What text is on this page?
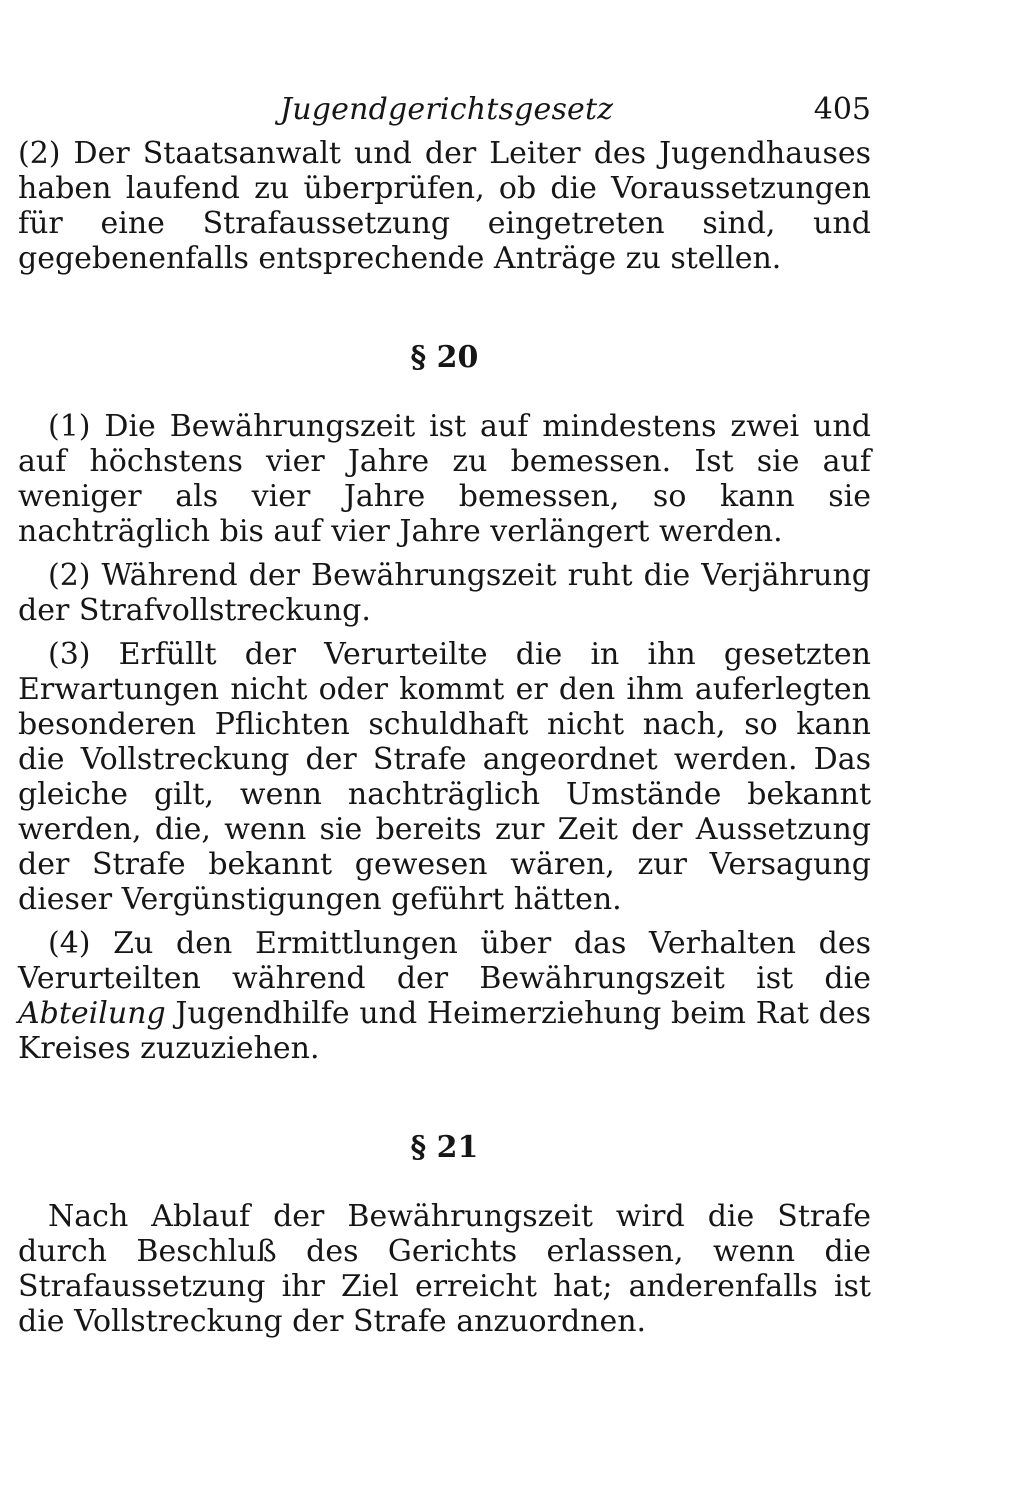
Jugendgerichtsgesetz	405

(2) Der Staatsanwalt und der Leiter des Jugendhauses haben laufend zu überprüfen, ob die Voraussetzungen für eine Strafaussetzung eingetreten sind, und gegebenenfalls entsprechende Anträge zu stellen.

§ 20

(1) Die Bewährungszeit ist auf mindestens zwei und auf höchstens vier Jahre zu bemessen. Ist sie auf weniger als vier Jahre bemessen, so kann sie nachträglich bis auf vier Jahre verlängert werden.

(2) Während der Bewährungszeit ruht die Verjährung der Strafvollstreckung.

(3) Erfüllt der Verurteilte die in ihn gesetzten Erwartungen nicht oder kommt er den ihm auferlegten besonderen Pflichten schuldhaft nicht nach, so kann die Vollstreckung der Strafe angeordnet werden. Das gleiche gilt, wenn nachträglich Umstände bekannt werden, die, wenn sie bereits zur Zeit der Aussetzung der Strafe bekannt gewesen wären, zur Versagung dieser Vergünstigungen geführt hätten.

(4) Zu den Ermittlungen über das Verhalten des Verurteilten während der Bewährungszeit ist die Abteilung Jugendhilfe und Heimerziehung beim Rat des Kreises zuzuziehen.

§ 21

Nach Ablauf der Bewährungszeit wird die Strafe durch Beschluß des Gerichts erlassen, wenn die Strafaussetzung ihr Ziel erreicht hat; anderenfalls ist die Vollstreckung der Strafe anzuordnen.
